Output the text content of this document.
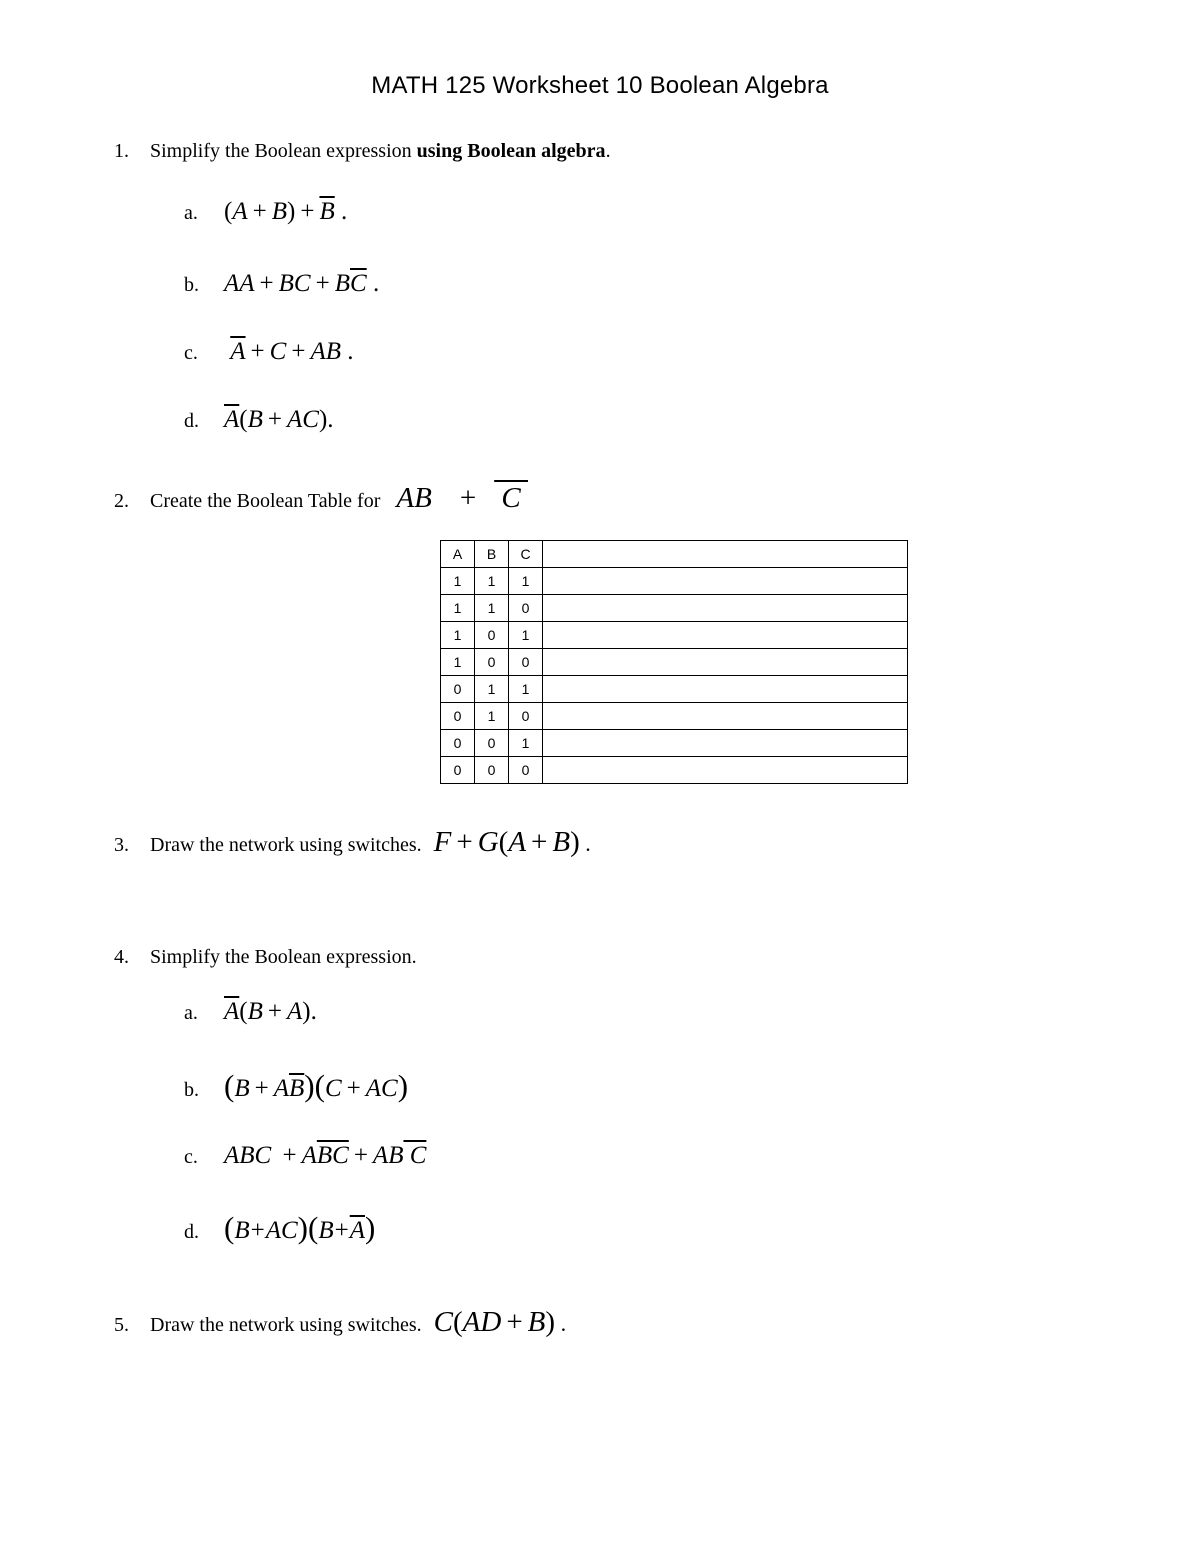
MATH 125 Worksheet 10 Boolean Algebra
1.	Simplify the Boolean expression using Boolean algebra.
a.	$(A + B) + \overline{B}$ .
b.	AA + BC + $B\overline{C}$ .
c.	$\overline{A} + C$ + AB .
d.	$\overline{A}(B + AC)$.
2.	Create the Boolean Table for AB + C
A	B	C	
1	1	1	
1	1	0	
1	0	1	
1	0	0	
0	1	1	
0	1	0	
0	0	1	
0	0	0	
3.	Draw the network using switches. F + G(A + B) .
4.	Simplify the Boolean expression.
a.	$\overline{A}(B + A)$.
b. $(B + A\overline{B})(C + AC)$
c.	ABC + $A\overline{BC}$ + AB C
d. $(B+AC)(B+\overline{A})$
5.	Draw the network using switches. C(AD + B) .
